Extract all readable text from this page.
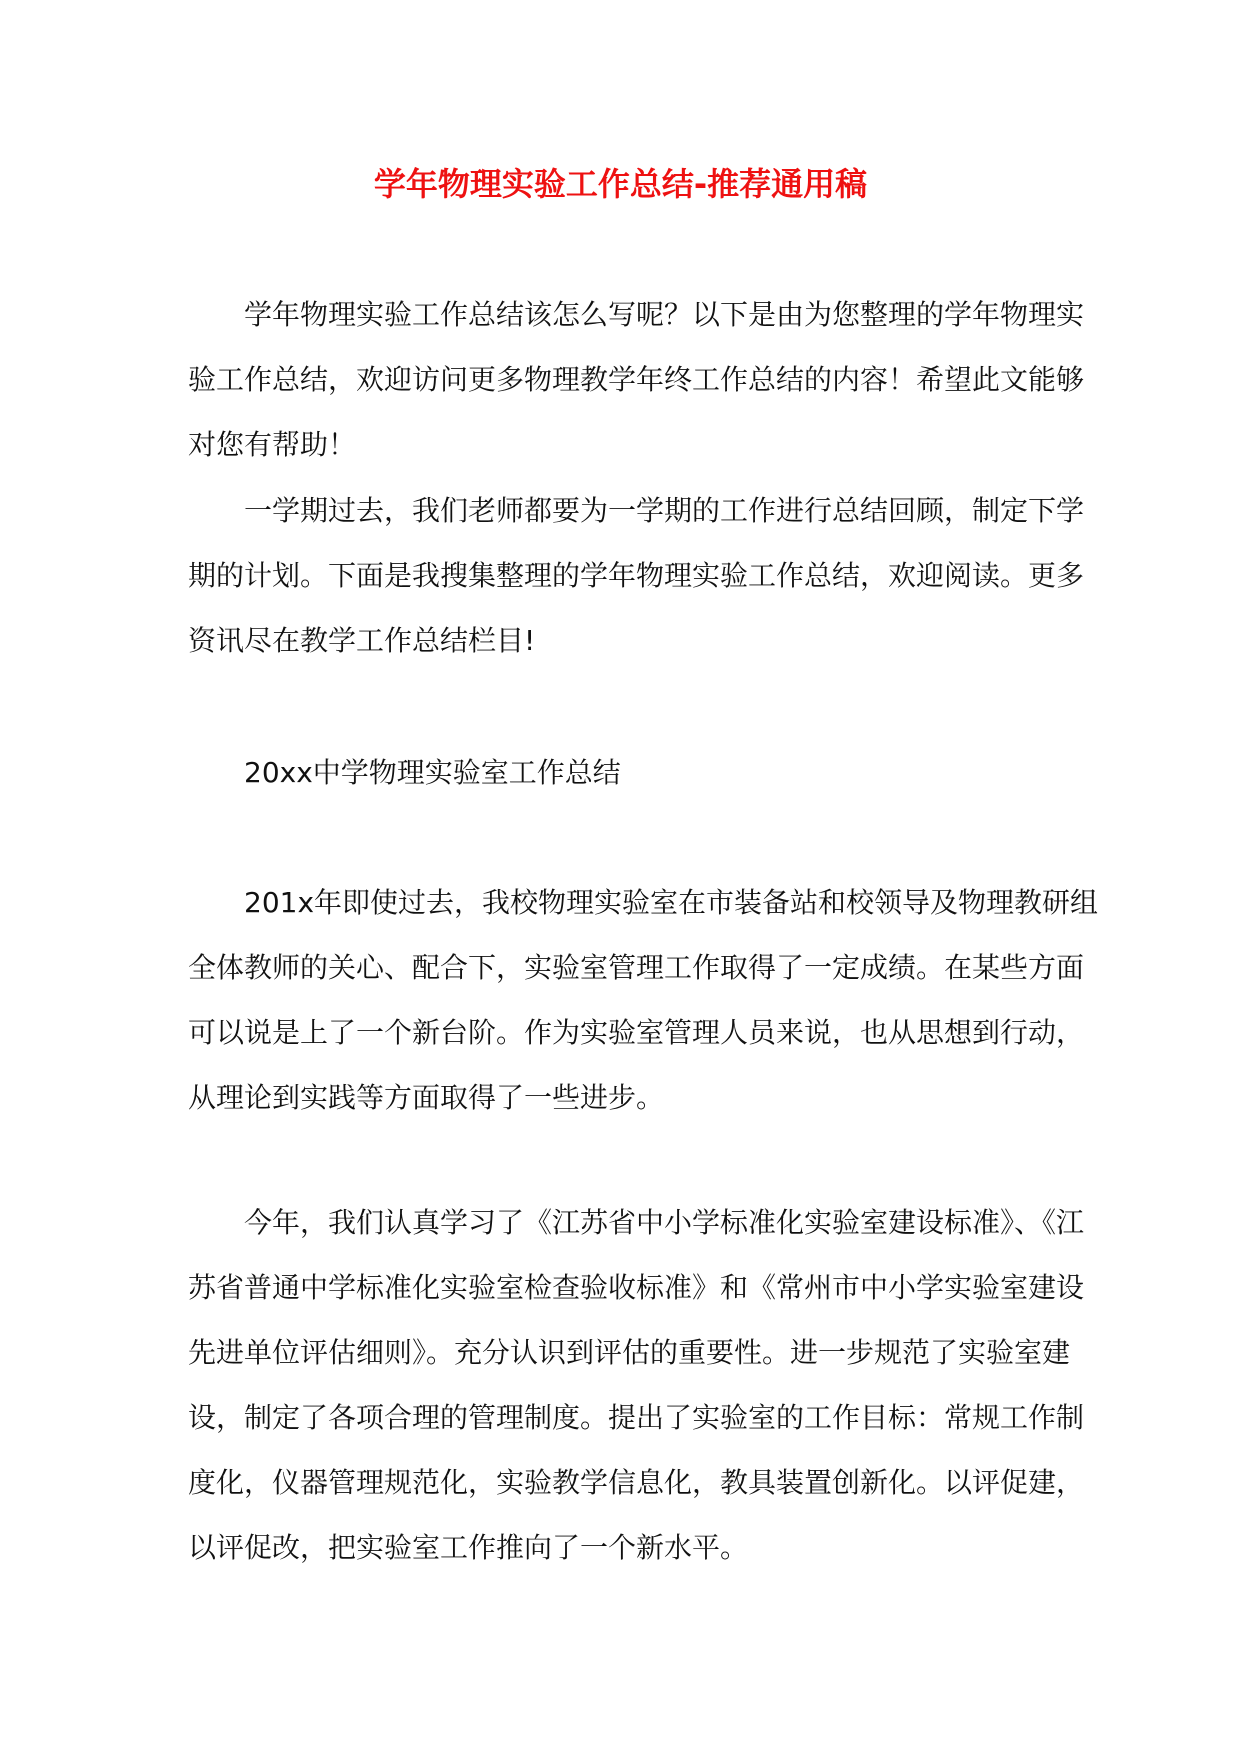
学年物理实验工作总结-推荐通用稿

学年物理实验工作总结该怎么写呢？以下是由为您整理的学年物理实验工作总结，欢迎访问更多物理教学年终工作总结的内容！希望此文能够对您有帮助！

一学期过去，我们老师都要为一学期的工作进行总结回顾，制定下学期的计划。下面是我搜集整理的学年物理实验工作总结，欢迎阅读。更多资讯尽在教学工作总结栏目!

20xx中学物理实验室工作总结

201x年即使过去，我校物理实验室在市装备站和校领导及物理教研组全体教师的关心、配合下，实验室管理工作取得了一定成绩。在某些方面可以说是上了一个新台阶。作为实验室管理人员来说，也从思想到行动，从理论到实践等方面取得了一些进步。

今年，我们认真学习了《江苏省中小学标准化实验室建设标准》、《江苏省普通中学标准化实验室检查验收标准》和《常州市中小学实验室建设先进单位评估细则》。充分认识到评估的重要性。进一步规范了实验室建设，制定了各项合理的管理制度。提出了实验室的工作目标：常规工作制度化，仪器管理规范化，实验教学信息化，教具装置创新化。以评促建，以评促改，把实验室工作推向了一个新水平。
